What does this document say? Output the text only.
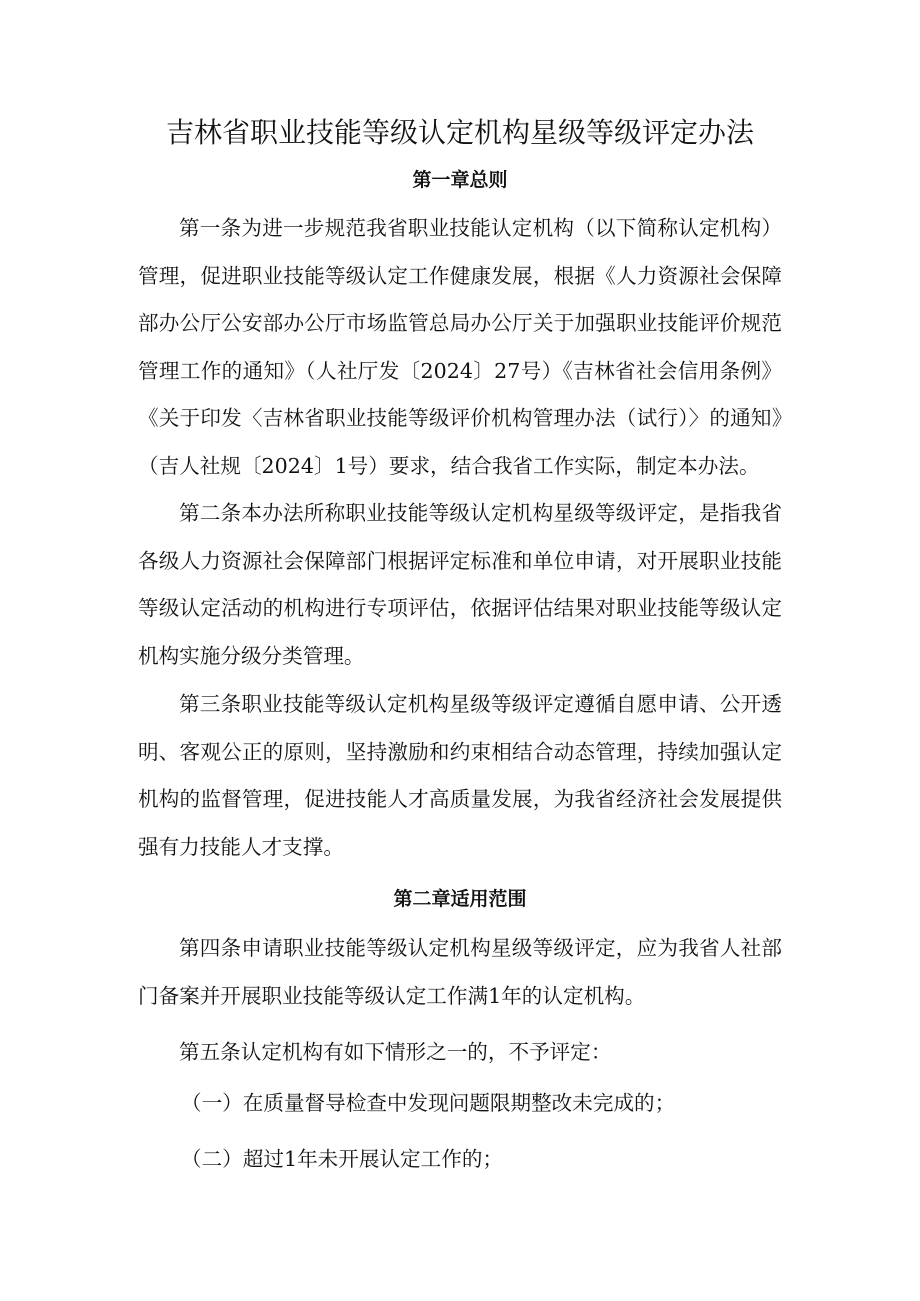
吉林省职业技能等级认定机构星级等级评定办法
第一章总则

第一条为进一步规范我省职业技能认定机构（以下简称认定机构）管理，促进职业技能等级认定工作健康发展，根据《人力资源社会保障部办公厅公安部办公厅市场监管总局办公厅关于加强职业技能评价规范管理工作的通知》（人社厅发〔2024〕27号）《吉林省社会信用条例》《关于印发〈吉林省职业技能等级评价机构管理办法（试行）〉的通知》（吉人社规〔2024〕1号）要求，结合我省工作实际，制定本办法。

第二条本办法所称职业技能等级认定机构星级等级评定，是指我省各级人力资源社会保障部门根据评定标准和单位申请，对开展职业技能等级认定活动的机构进行专项评估，依据评估结果对职业技能等级认定机构实施分级分类管理。

第三条职业技能等级认定机构星级等级评定遵循自愿申请、公开透明、客观公正的原则，坚持激励和约束相结合动态管理，持续加强认定机构的监督管理，促进技能人才高质量发展，为我省经济社会发展提供强有力技能人才支撑。

第二章适用范围

第四条申请职业技能等级认定机构星级等级评定，应为我省人社部门备案并开展职业技能等级认定工作满1年的认定机构。

第五条认定机构有如下情形之一的，不予评定：

（一）在质量督导检查中发现问题限期整改未完成的；

（二）超过1年未开展认定工作的；
